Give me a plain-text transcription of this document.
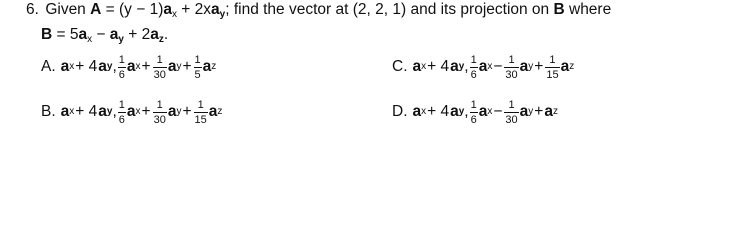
6. Given $A = (y - 1)a_x + 2xa_y$; find the vector at (2, 2, 1) and its projection on B where
$B = 5a_x - a_y + 2a_z$.
A. a x + 4 a y , $\frac{1}{6}$ a $x + \frac{1}{30}$ a $y + \frac{1}{5}$ a z	C. a x + 4 a y , $\frac{1}{6}$ a $x - \frac{1}{30}$ a $y + \frac{1}{15}$ a z
B. a x + 4 a y , $\frac{1}{6}$ a $x + \frac{1}{30}$ a $y + \frac{1}{15}$ a z	D. a x + 4 a y , $\frac{1}{6}$ a $x - \frac{1}{30}$ a y + a z
